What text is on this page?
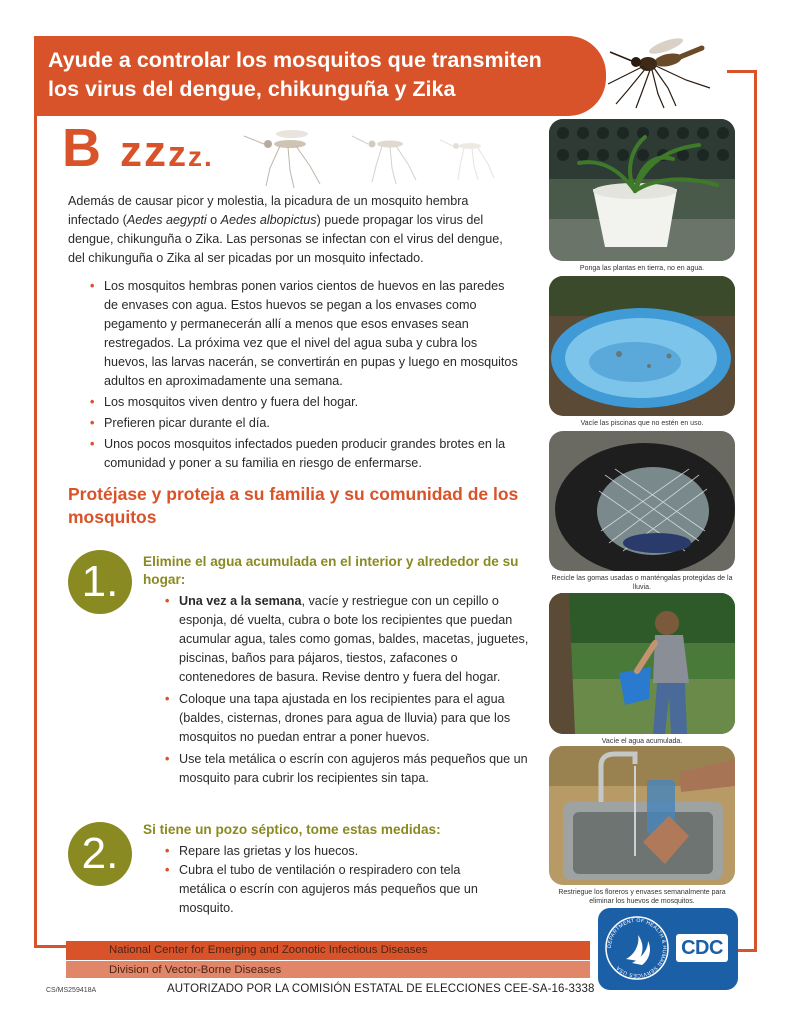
Ayude a controlar los mosquitos que transmiten
los virus del dengue, chikunguña y Zika
B zzzz.
Además de causar picor y molestia, la picadura de un mosquito hembra infectado (Aedes aegypti o Aedes albopictus) puede propagar los virus del dengue, chikunguña o Zika. Las personas se infectan con el virus del dengue, del chikunguña o Zika al ser picadas por un mosquito infectado.
• Los mosquitos hembras ponen varios cientos de huevos en las paredes de envases con agua. Estos huevos se pegan a los envases como pegamento y permanecerán allí a menos que esos envases sean restregados. La próxima vez que el nivel del agua suba y cubra los huevos, las larvas nacerán, se convertirán en pupas y luego en mosquitos adultos en aproximadamente una semana.
• Los mosquitos viven dentro y fuera del hogar.
• Prefieren picar durante el día.
• Unos pocos mosquitos infectados pueden producir grandes brotes en la comunidad y poner a su familia en riesgo de enfermarse.
Protéjase y proteja a su familia y su comunidad de los mosquitos
1.	Elimine el agua acumulada en el interior y alrededor de su hogar:
• Una vez a la semana, vacíe y restriegue con un cepillo o esponja, dé vuelta, cubra o bote los recipientes que puedan acumular agua, tales como gomas, baldes, macetas, juguetes, piscinas, baños para pájaros, tiestos, zafacones o contenedores de basura. Revise dentro y fuera del hogar.
• Coloque una tapa ajustada en los recipientes para el agua (baldes, cisternas, drones para agua de lluvia) para que los mosquitos no puedan entrar a poner huevos.
• Use tela metálica o escrín con agujeros más pequeños que un mosquito para cubrir los recipientes sin tapa.
2.	Si tiene un pozo séptico, tome estas medidas:
• Repare las grietas y los huecos.
• Cubra el tubo de ventilación o respiradero con tela metálica o escrín con agujeros más pequeños que un mosquito.
Ponga las plantas en tierra, no en agua.
Vacíe las piscinas que no estén en uso.
Recicle las gomas usadas o manténgalas protegidas de la lluvia.
Vacíe el agua acumulada.
Restriegue los floreros y envases semanalmente para eliminar los huevos de mosquitos.
National Center for Emerging and Zoonotic Infectious Diseases
Division of Vector-Borne Diseases
DEPARTMENT OF HEALTH & HUMAN SERVICES USA
CDC
CS/MS259418A	AUTORIZADO POR LA COMISIÓN ESTATAL DE ELECCIONES CEE-SA-16-3338
